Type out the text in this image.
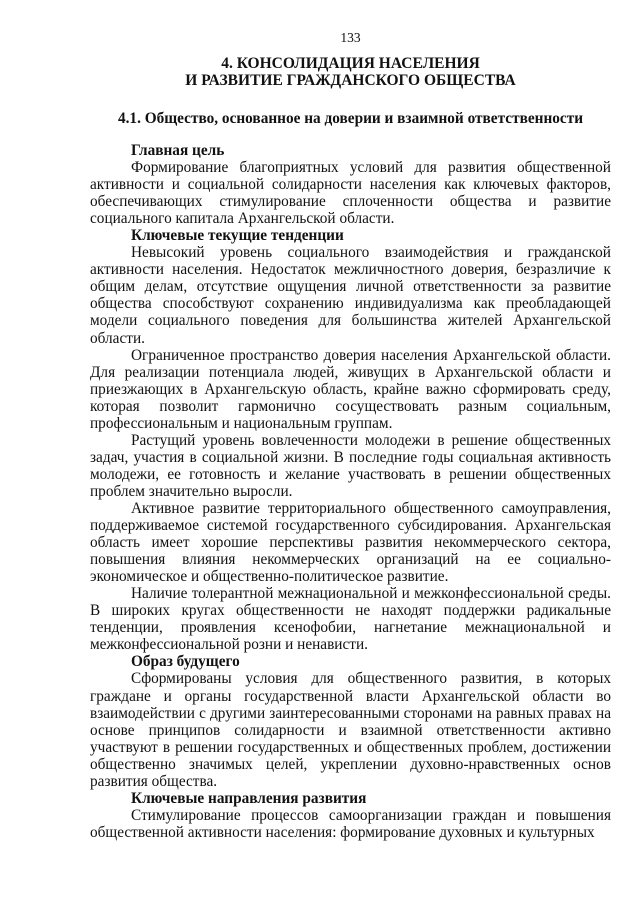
133
4. КОНСОЛИДАЦИЯ НАСЕЛЕНИЯ
И РАЗВИТИЕ ГРАЖДАНСКОГО ОБЩЕСТВА
4.1. Общество, основанное на доверии и взаимной ответственности

Главная цель

Формирование благоприятных условий для развития общественной активности и социальной солидарности населения как ключевых факторов, обеспечивающих стимулирование сплоченности общества и развитие социального капитала Архангельской области.

Ключевые текущие тенденции

Невысокий уровень социального взаимодействия и гражданской активности населения. Недостаток межличностного доверия, безразличие к общим делам, отсутствие ощущения личной ответственности за развитие общества способствуют сохранению индивидуализма как преобладающей модели социального поведения для большинства жителей Архангельской области.

Ограниченное пространство доверия населения Архангельской области. Для реализации потенциала людей, живущих в Архангельской области и приезжающих в Архангельскую область, крайне важно сформировать среду, которая позволит гармонично сосуществовать разным социальным, профессиональным и национальным группам.

Растущий уровень вовлеченности молодежи в решение общественных задач, участия в социальной жизни. В последние годы социальная активность молодежи, ее готовность и желание участвовать в решении общественных проблем значительно выросли.

Активное развитие территориального общественного самоуправления, поддерживаемое системой государственного субсидирования. Архангельская область имеет хорошие перспективы развития некоммерческого сектора, повышения влияния некоммерческих организаций на ее социально-экономическое и общественно-политическое развитие.

Наличие толерантной межнациональной и межконфессиональной среды. В широких кругах общественности не находят поддержки радикальные тенденции, проявления ксенофобии, нагнетание межнациональной и межконфессиональной розни и ненависти.

Образ будущего

Сформированы условия для общественного развития, в которых граждане и органы государственной власти Архангельской области во взаимодействии с другими заинтересованными сторонами на равных правах на основе принципов солидарности и взаимной ответственности активно участвуют в решении государственных и общественных проблем, достижении общественно значимых целей, укреплении духовно-нравственных основ развития общества.

Ключевые направления развития

Стимулирование процессов самоорганизации граждан и повышения общественной активности населения: формирование духовных и культурных
